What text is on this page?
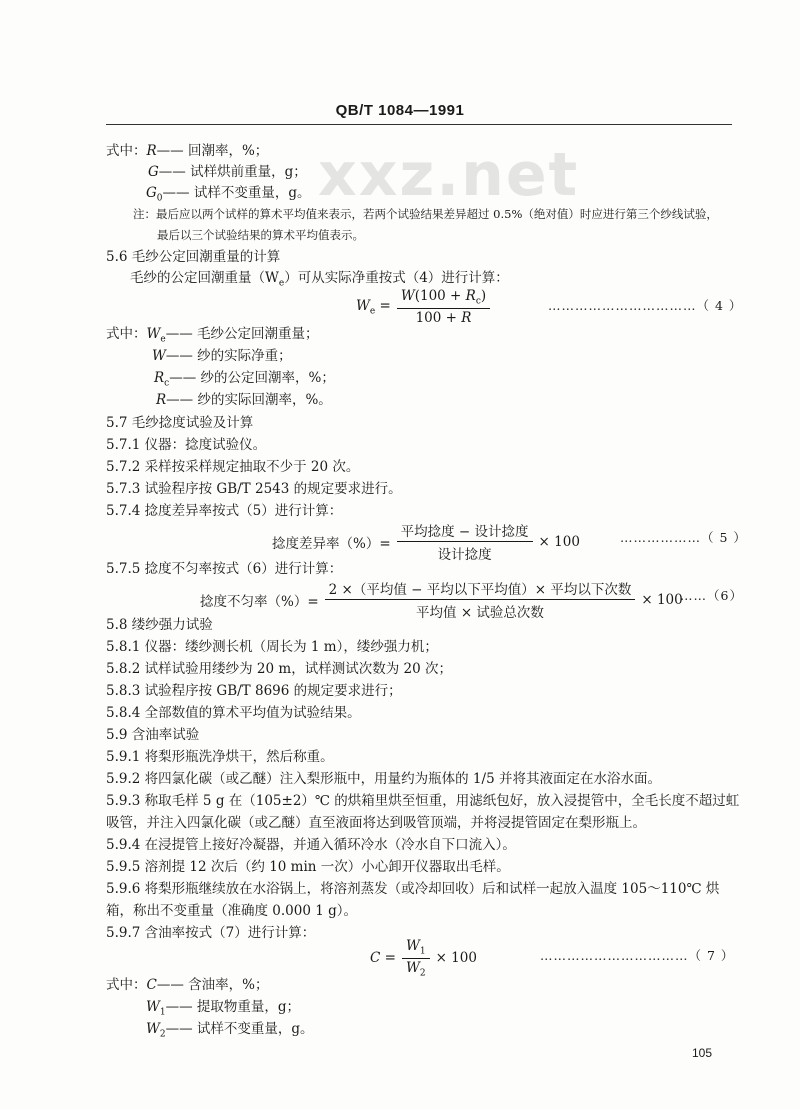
QB/T 1084—1991
xxz.net
式中：R—— 回潮率，%；
G—— 试样烘前重量，g；
$G_0——$ 试样不变重量，g。
注：最后应以两个试样的算术平均值来表示，若两个试验结果差异超过 0.5%（绝对值）时应进行第三个纱线试验，
最后以三个试验结果的算术平均值表示。
5.6 毛纱公定回潮重量的计算
毛纱的公定回潮重量$(W_e)$可从实际净重按式（4）进行计算：
$W_e = \frac{W(100 + R_c)}{100 + R}$	……………………………（ 4 ）
式中：$W_e——$ 毛纱公定回潮重量；
W—— 纱的实际净重；
$R_c——$ 纱的公定回潮率，%；
R—— 纱的实际回潮率，%。
5.7 毛纱捻度试验及计算
5.7.1 仪器：捻度试验仪。
5.7.2 采样按采样规定抽取不少于 20 次。
5.7.3 试验程序按 GB/T 2543 的规定要求进行。
5.7.4 捻度差异率按式（5）进行计算：
捻度差异率（%）= $\frac{\text{平均捻度 − 设计捻度}}{\text{设计捻度}} \times 100$	………………（ 5 ）
5.7.5 捻度不匀率按式（6）进行计算：
捻度不匀率（%）= $\frac{\text{2 ×（平均值 − 平均以下平均值）× 平均以下次数}}{\text{平均值 × 试验总次数}} \times 100$
……（6）
5.8 缕纱强力试验
5.8.1 仪器：缕纱测长机（周长为 1 m），缕纱强力机；
5.8.2 试样试验用缕纱为 20 m，试样测试次数为 20 次；
5.8.3 试验程序按 GB/T 8696 的规定要求进行；
5.8.4 全部数值的算术平均值为试验结果。
5.9 含油率试验
5.9.1 将梨形瓶洗净烘干，然后称重。
5.9.2 将四氯化碳（或乙醚）注入梨形瓶中，用量约为瓶体的 1/5 并将其液面定在水浴水面。
5.9.3 称取毛样 5 g 在（105±2）℃ 的烘箱里烘至恒重，用滤纸包好，放入浸提管中，全毛长度不超过虹
吸管，并注入四氯化碳（或乙醚）直至液面将达到吸管顶端，并将浸提管固定在梨形瓶上。
5.9.4 在浸提管上接好冷凝器，并通入循环冷水（冷水自下口流入）。
5.9.5 溶剂提 12 次后（约 10 min 一次）小心卸开仪器取出毛样。
5.9.6 将梨形瓶继续放在水浴锅上，将溶剂蒸发（或冷却回收）后和试样一起放入温度 105～110℃ 烘
箱，称出不变重量（准确度 0.000 1 g）。
5.9.7 含油率按式（7）进行计算：
$C = \frac{W_1}{W_2} \times 100$	……………………………（ 7 ）
式中：C—— 含油率，%；
$W_1——$ 提取物重量，g；
$W_2——$ 试样不变重量，g。
105
